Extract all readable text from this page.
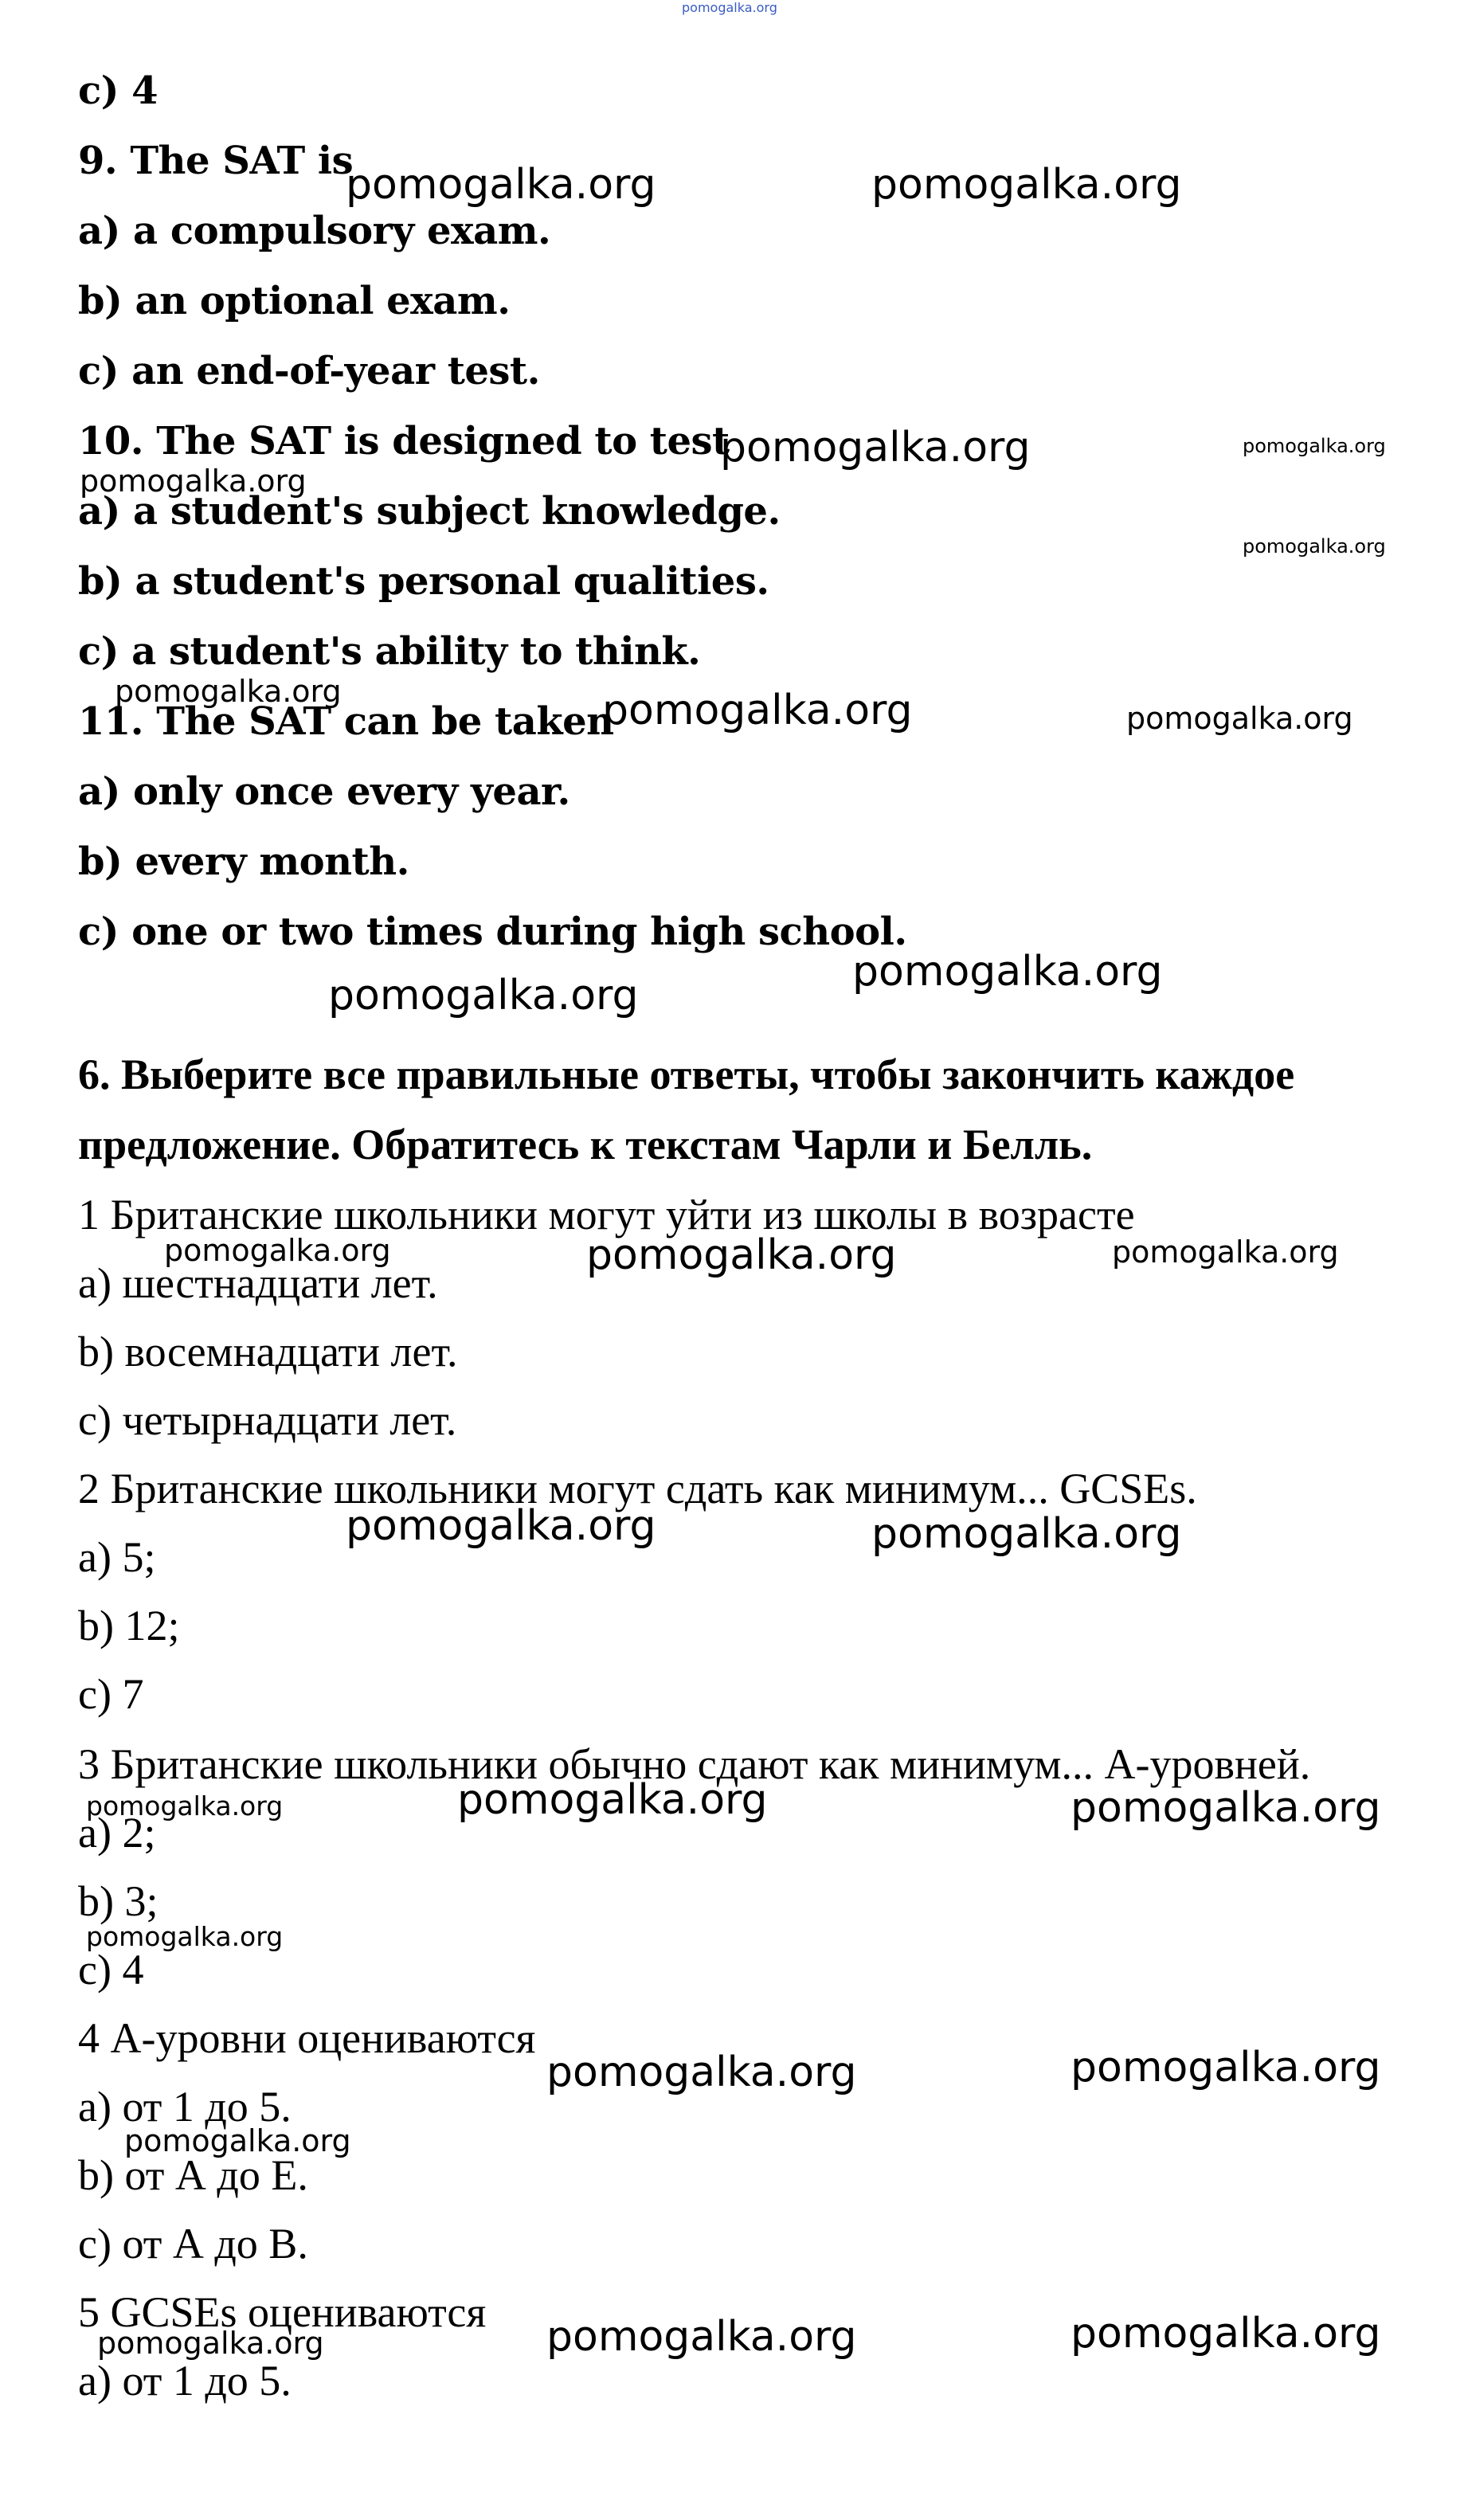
pomogalka.org
c) 4
9. The SAT is
a) a compulsory exam.
b) an optional exam.
c) an end-of-year test.
10. The SAT is designed to test
a) a student's subject knowledge.
b) a student's personal qualities.
c) a student's ability to think.
11. The SAT can be taken
a) only once every year.
b) every month.
c) one or two times during high school.
6. Выберите все правильные ответы, чтобы закончить каждое
предложение. Обратитесь к текстам Чарли и Белль.
1 Британские школьники могут уйти из школы в возрасте
а) шестнадцати лет.
b) восемнадцати лет.
с) четырнадцати лет.
2 Британские школьники могут сдать как минимум... GCSEs.
а) 5;
b) 12;
с) 7
3 Британские школьники обычно сдают как минимум... А-уровней.
а) 2;
b) 3;
с) 4
4 А-уровни оцениваются
а) от 1 до 5.
b) от А до Е.
с) от А до В.
5 GCSEs оцениваются
а) от 1 до 5.
pomogalka.org	pomogalka.org
pomogalka.org	pomogalka.org
pomogalka.org
pomogalka.org
pomogalka.org	pomogalka.org	pomogalka.org
pomogalka.org
pomogalka.org
pomogalka.org	pomogalka.org	pomogalka.org
pomogalka.org	pomogalka.org
pomogalka.org	pomogalka.org	pomogalka.org
pomogalka.org
pomogalka.org	pomogalka.org
pomogalka.org
pomogalka.org	pomogalka.org
pomogalka.org
